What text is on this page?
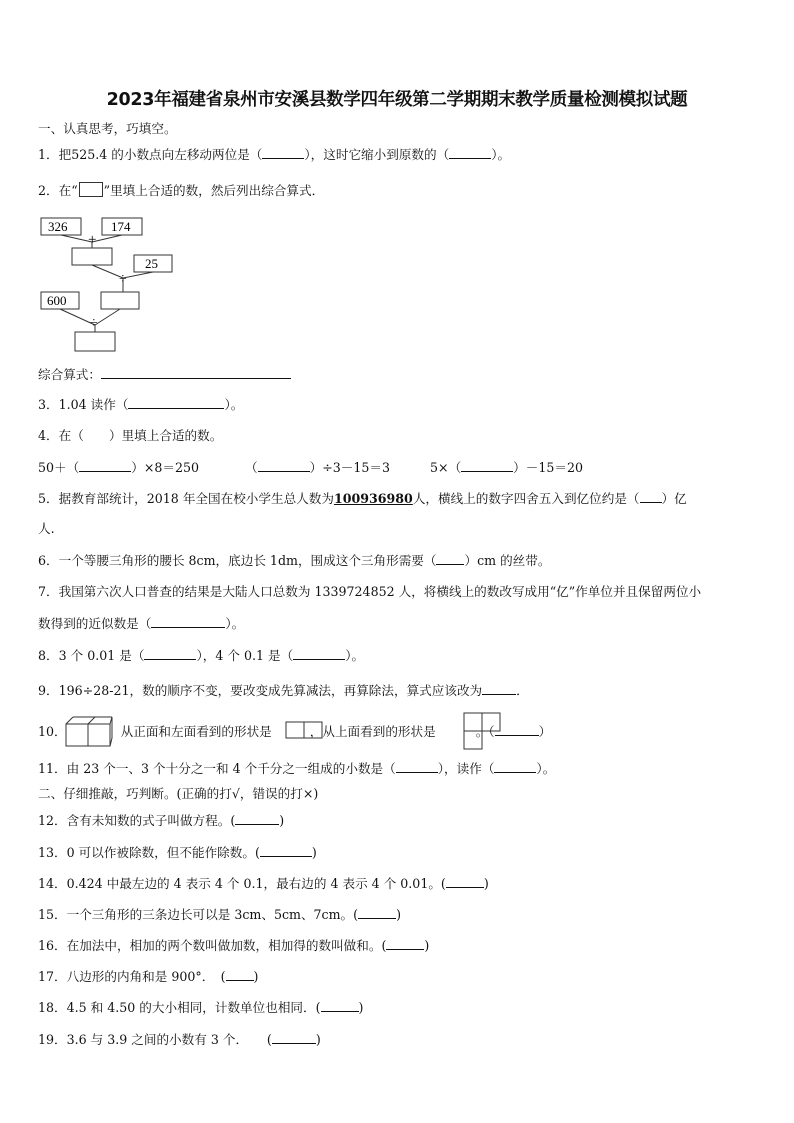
2023年福建省泉州市安溪县数学四年级第二学期期末教学质量检测模拟试题
一、认真思考，巧填空。
1．把525.4 的小数点向左移动两位是（	），这时它缩小到原数的（	）。
2．在“ ”里填上合适的数，然后列出综合算式．
326	174
+
25
÷
600
÷
综合算式：
3．1.04 读作（	）。
4．在（　　）里填上合适的数。
50＋（	）×8＝250	（	）÷3－15＝3	5×（	）－15＝20
5．据教育部统计，2018 年全国在校小学生总人数为100936980人，横线上的数字四舍五入到亿位约是（ ）亿
人.
6．一个等腰三角形的腰长 8cm，底边长 1dm，围成这个三角形需要（ ）cm 的丝带。
7．我国第六次人口普查的结果是大陆人口总数为 1339724852 人，将横线上的数改写成用“亿”作单位并且保留两位小
数得到的近似数是（	）。
8．3 个 0.01 是（	），4 个 0.1 是（	）。
9．196÷28-21，数的顺序不变，要改变成先算减法，再算除法，算式应该改为	．
10．	从正面和左面看到的形状是	，从上面看到的形状是	。（	）
11．由 23 个一、3 个十分之一和 4 个千分之一组成的小数是（	），读作（	）。
二、仔细推敲，巧判断。(正确的打√，错误的打×)
12．含有未知数的式子叫做方程。(	)
13．0 可以作被除数，但不能作除数。(	)
14．0.424 中最左边的 4 表示 4 个 0.1，最右边的 4 表示 4 个 0.01。(	)
15．一个三角形的三条边长可以是 3cm、5cm、7cm。(	)
16．在加法中，相加的两个数叫做加数，相加得的数叫做和。(	)
17．八边形的内角和是 900°．　( )
18．4.5 和 4.50 的大小相同，计数单位也相同．(	)
19．3.6 与 3.9 之间的小数有 3 个．　　(	)
